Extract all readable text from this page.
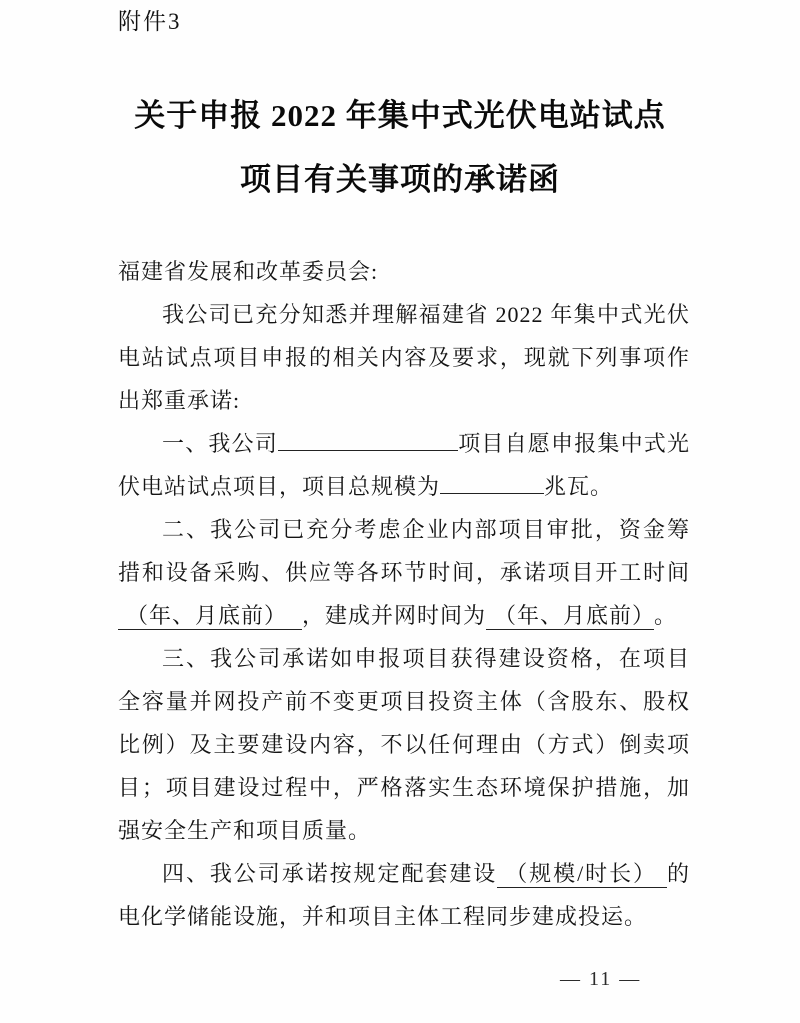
附件3
关于申报 2022 年集中式光伏电站试点
项目有关事项的承诺函
福建省发展和改革委员会:
我公司已充分知悉并理解福建省 2022 年集中式光伏电站试点项目申报的相关内容及要求，现就下列事项作出郑重承诺:
一、我公司	项目自愿申报集中式光伏电站试点项目，项目总规模为	兆瓦。
二、我公司已充分考虑企业内部项目审批，资金筹措和设备采购、供应等各环节时间，承诺项目开工时间（年、月底前） ，建成并网时间为 （年、月底前） 。
三、我公司承诺如申报项目获得建设资格，在项目全容量并网投产前不变更项目投资主体（含股东、股权比例）及主要建设内容，不以任何理由（方式）倒卖项目；项目建设过程中，严格落实生态环境保护措施，加强安全生产和项目质量。
四、我公司承诺按规定配套建设 （规模/时长） 的电化学储能设施，并和项目主体工程同步建成投运。
— 11 —
